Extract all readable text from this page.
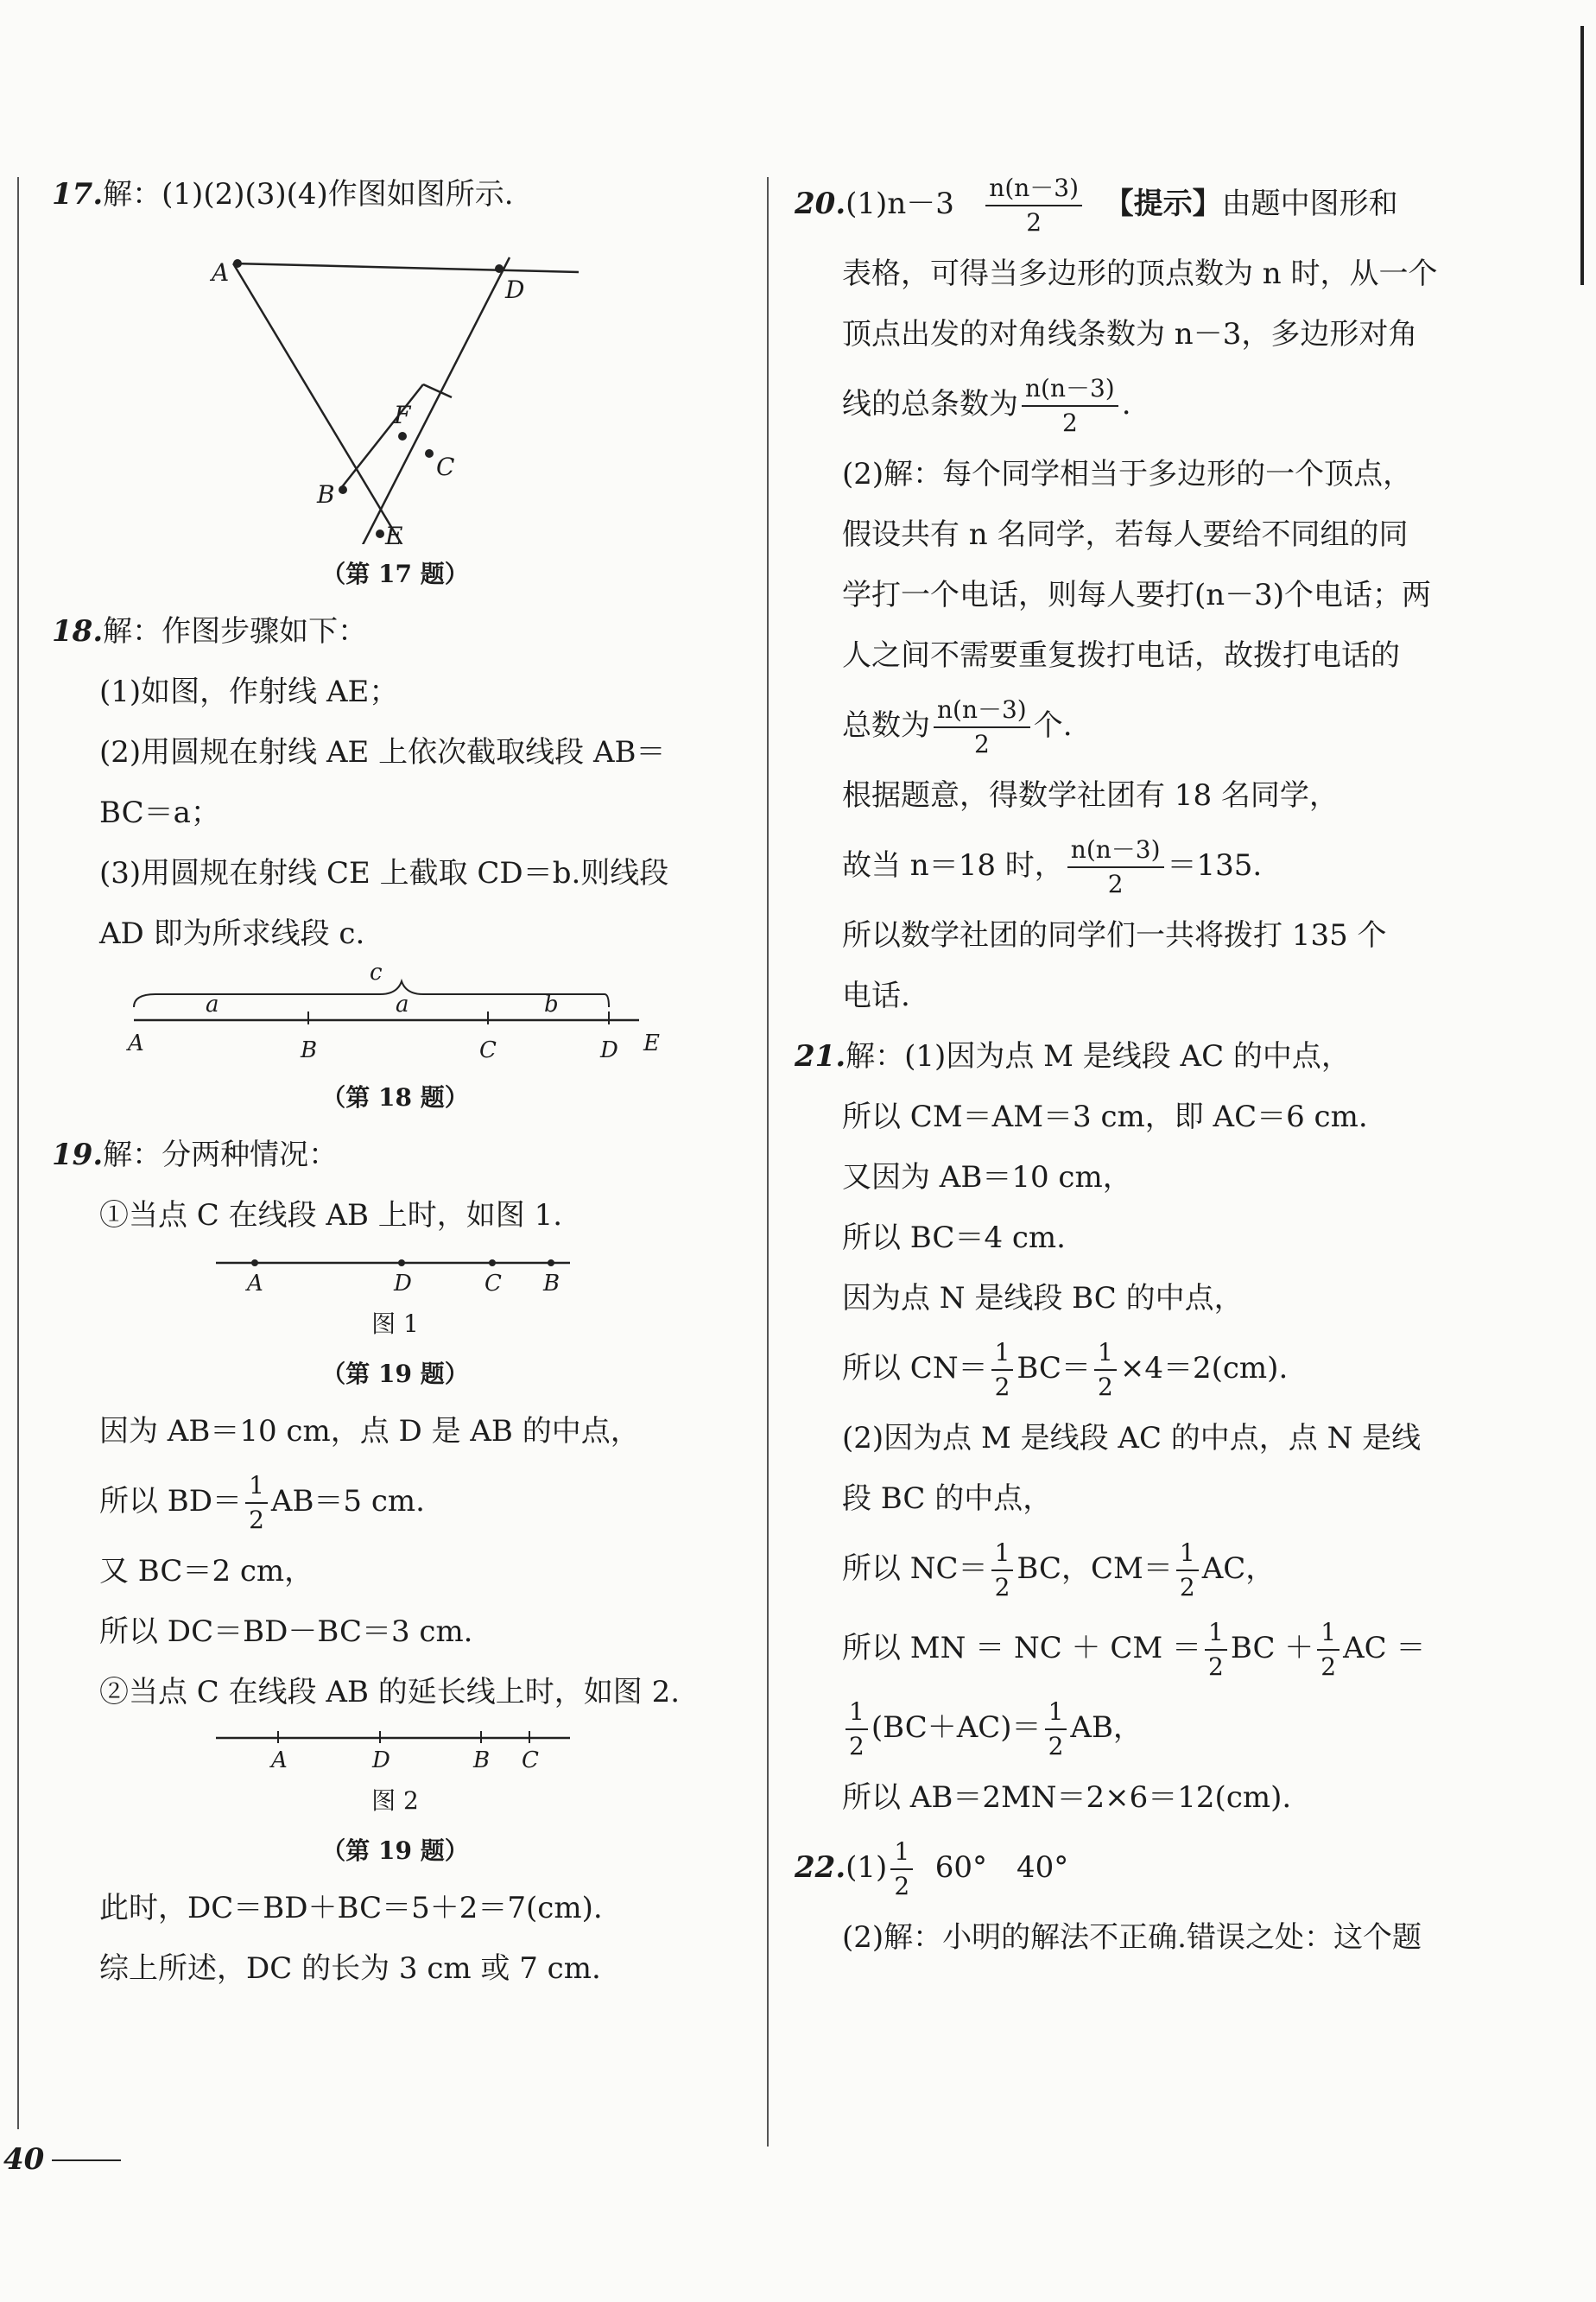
17.解：(1)(2)(3)(4)作图如图所示.
A
D
F
C
B
E
（第 17 题）
18.解：作图步骤如下：
(1)如图，作射线 AE；
(2)用圆规在射线 AE 上依次截取线段 AB＝
BC＝a；
(3)用圆规在射线 CE 上截取 CD＝b.则线段
AD 即为所求线段 c.
c
a	a	b
A	B	C	D E
（第 18 题）
19.解：分两种情况：
①当点 C 在线段 AB 上时，如图 1.
A	D	C B
图 1
（第 19 题）
因为 AB＝10 cm，点 D 是 AB 的中点，
所以 $BD= \frac{1}{2} AB=5$ cm.
又 BC＝2 cm，
所以 DC＝BD－BC＝3 cm.
②当点 C 在线段 AB 的延长线上时，如图 2.
A	D	B C
图 2
（第 19 题）
此时，DC＝BD＋BC＝5＋2＝7(cm).
综上所述，DC 的长为 3 cm 或 7 cm.
$20.(1)n-3 \frac{n(n-3)}{2}$ 【提示】由题中图形和
表格，可得当多边形的顶点数为 n 时，从一个
顶点出发的对角线条数为 n－3，多边形对角
线的总条数为 $\frac{n(n-3)}{2}$ .
(2)解：每个同学相当于多边形的一个顶点，
假设共有 n 名同学，若每人要给不同组的同
学打一个电话，则每人要打(n－3)个电话；两
人之间不需要重复拨打电话，故拨打电话的
总数为 $\frac{n(n-3)}{2}$ 个.
根据题意，得数学社团有 18 名同学，
故当 n＝18 时， $\frac{n(n-3)}{2} =135$.
所以数学社团的同学们一共将拨打 135 个
电话.
21.解：(1)因为点 M 是线段 AC 的中点，
所以 CM＝AM＝3 cm，即 AC＝6 cm.
又因为 AB＝10 cm，
所以 BC＝4 cm.
因为点 N 是线段 BC 的中点，
所以 $CN= \frac{1}{2} BC= \frac{1}{2} \times 4=2(cm)$.
(2)因为点 M 是线段 AC 的中点，点 N 是线
段 BC 的中点，
所以 $NC= \frac{1}{2}$ BC，$CM= \frac{1}{2}$ AC，
所以 MN ＝ NC ＋ CM ＝ $\frac{1}{2}$ BC ＋ $\frac{1}{2}$ AC ＝
$\frac{1}{2} (BC+AC)= \frac{1}{2}$ AB，
所以 AB＝2MN＝2×6＝12(cm).
$22.(1) \frac{1}{2} 60^\circ$　40°
(2)解：小明的解法不正确.错误之处：这个题
40
